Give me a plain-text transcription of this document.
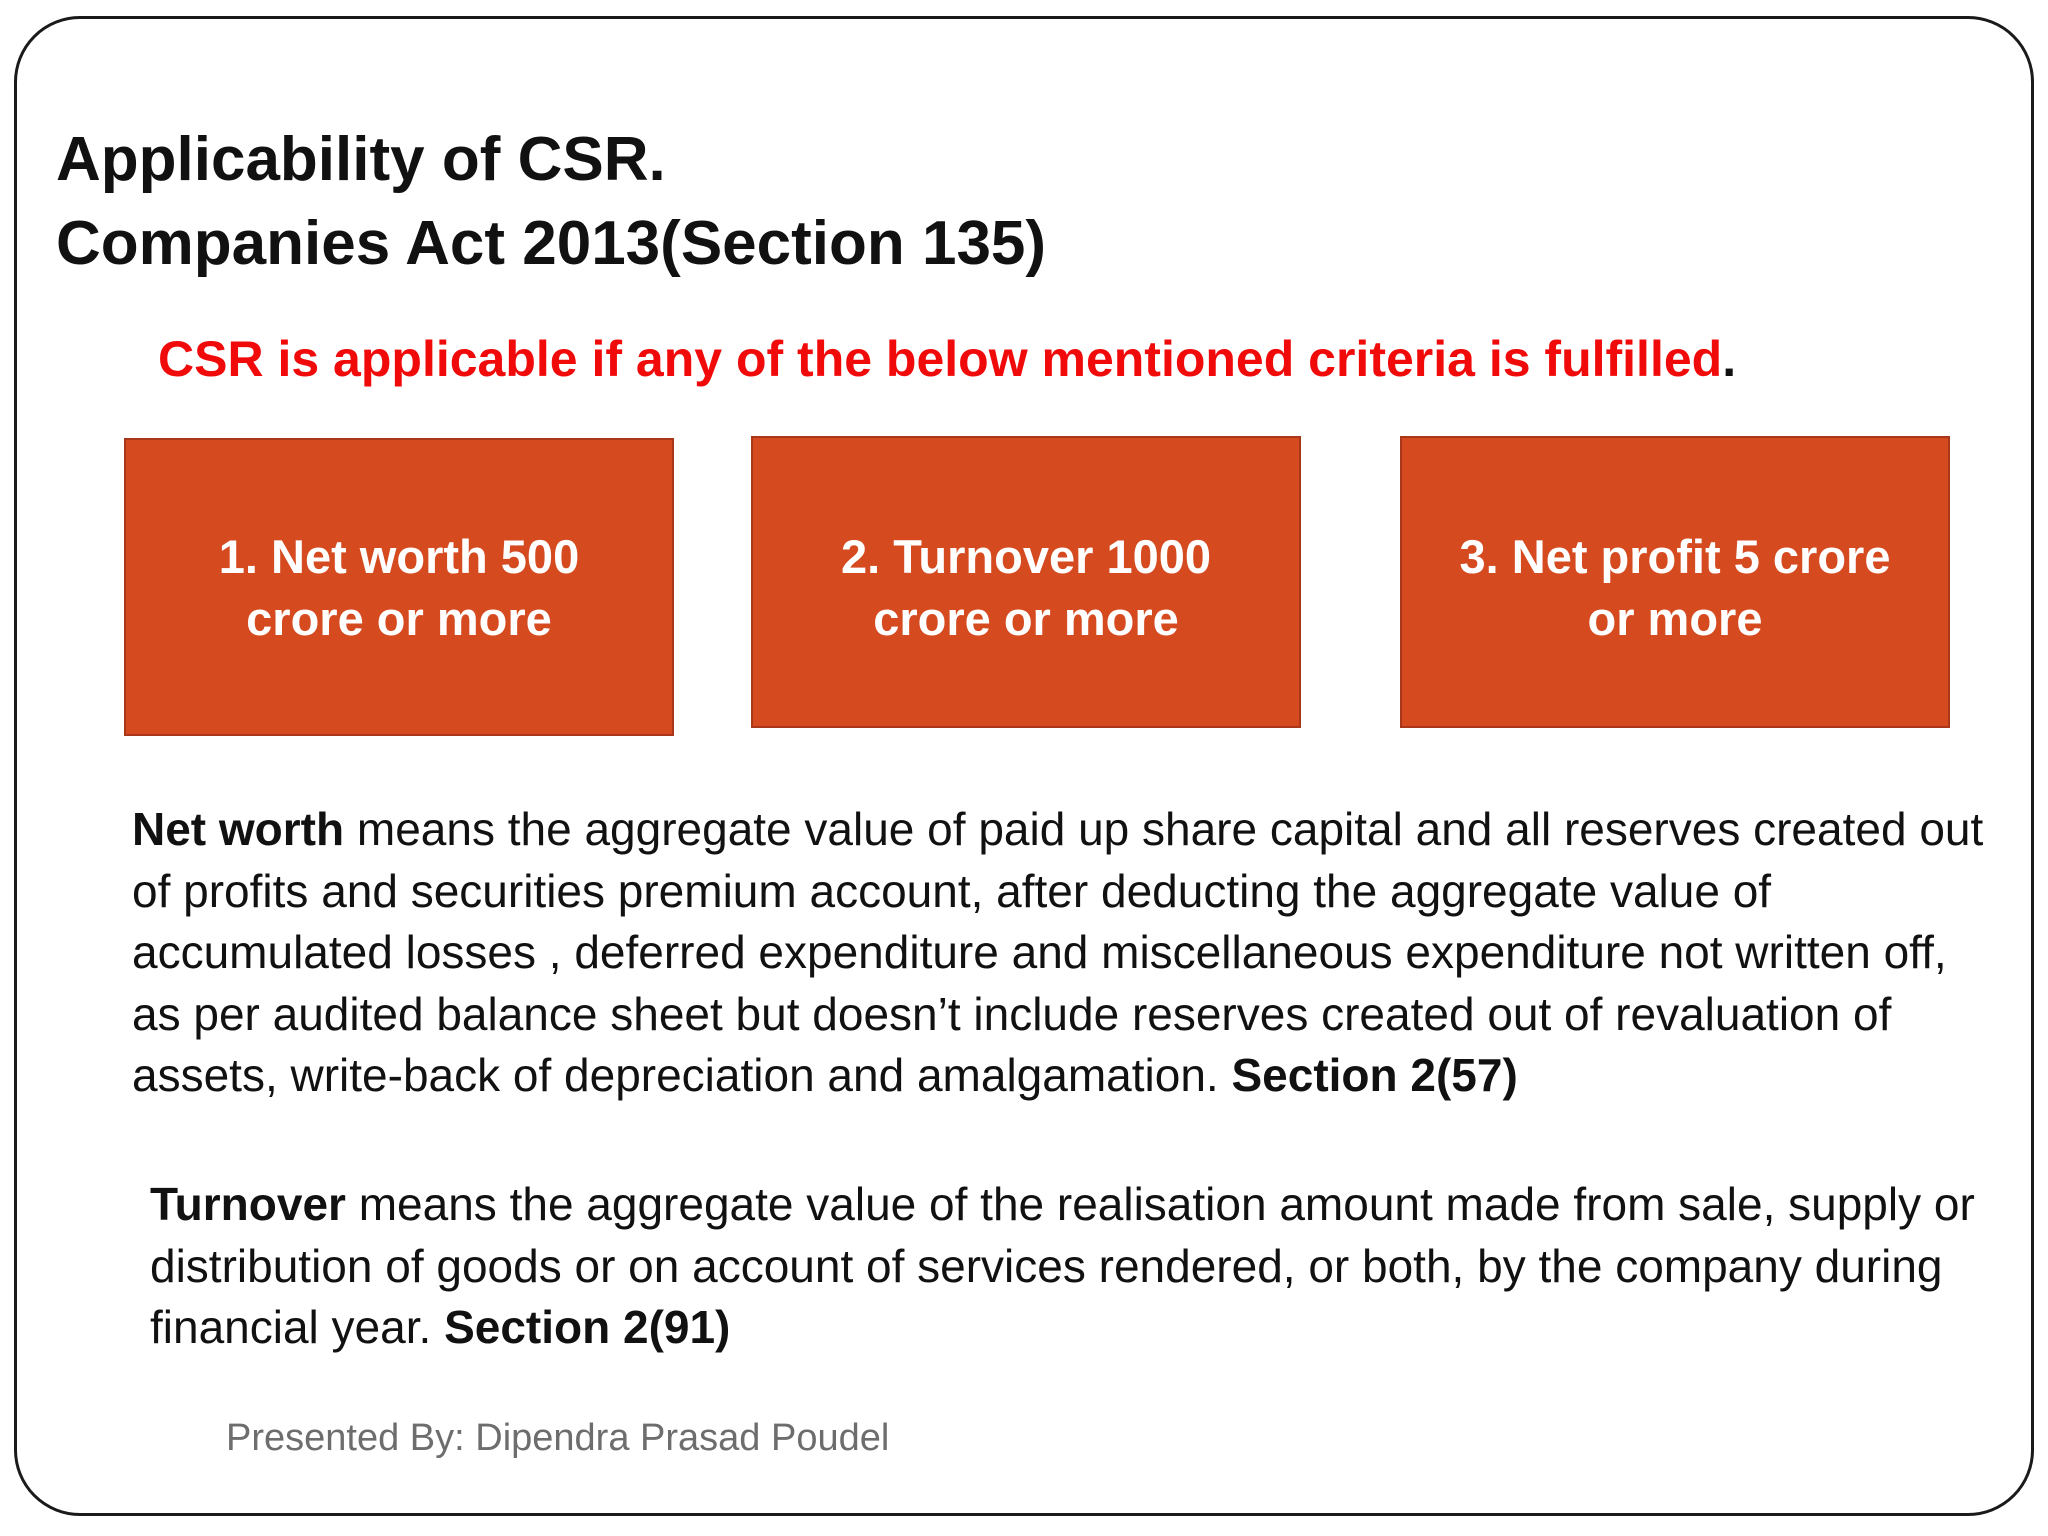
Applicability of CSR.
Companies Act 2013(Section 135)

CSR is applicable if any of the below mentioned criteria is fulfilled.

1. Net worth 500
crore or more
2. Turnover 1000
crore or more
3. Net profit 5 crore
or more

Net worth means the aggregate value of paid up share capital and all reserves created out of profits and securities premium account, after deducting the aggregate value of accumulated losses , deferred expenditure and miscellaneous expenditure not written off, as per audited balance sheet but doesn’t include reserves created out of revaluation of assets, write-back of depreciation and amalgamation. Section 2(57)

Turnover means the aggregate value of the realisation amount made from sale, supply or distribution of goods or on account of services rendered, or both, by the company during financial year. Section 2(91)

Presented By: Dipendra Prasad Poudel
